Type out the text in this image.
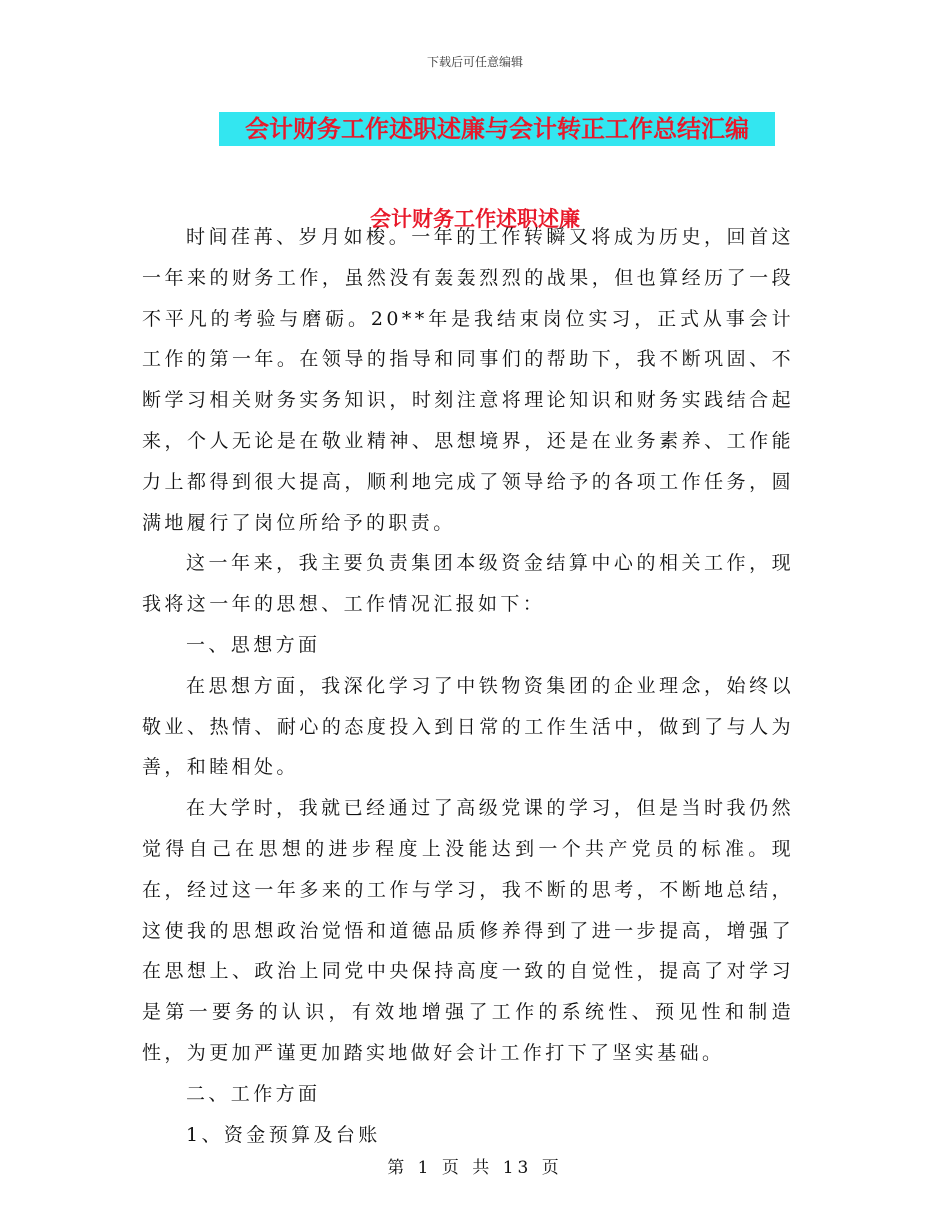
下载后可任意编辑
会计财务工作述职述廉与会计转正工作总结汇编
会计财务工作述职述廉

时间荏苒、岁月如梭。一年的工作转瞬又将成为历史，回首这一年来的财务工作，虽然没有轰轰烈烈的战果，但也算经历了一段不平凡的考验与磨砺。20**年是我结束岗位实习，正式从事会计工作的第一年。在领导的指导和同事们的帮助下，我不断巩固、不断学习相关财务实务知识，时刻注意将理论知识和财务实践结合起来，个人无论是在敬业精神、思想境界，还是在业务素养、工作能力上都得到很大提高，顺利地完成了领导给予的各项工作任务，圆满地履行了岗位所给予的职责。

这一年来，我主要负责集团本级资金结算中心的相关工作，现我将这一年的思想、工作情况汇报如下：

一、思想方面

在思想方面，我深化学习了中铁物资集团的企业理念，始终以敬业、热情、耐心的态度投入到日常的工作生活中，做到了与人为善，和睦相处。

在大学时，我就已经通过了高级党课的学习，但是当时我仍然觉得自己在思想的进步程度上没能达到一个共产党员的标准。现在，经过这一年多来的工作与学习，我不断的思考，不断地总结，这使我的思想政治觉悟和道德品质修养得到了进一步提高，增强了在思想上、政治上同党中央保持高度一致的自觉性，提高了对学习是第一要务的认识，有效地增强了工作的系统性、预见性和制造性，为更加严谨更加踏实地做好会计工作打下了坚实基础。

二、工作方面

1、资金预算及台账

第 1 页 共 13 页
